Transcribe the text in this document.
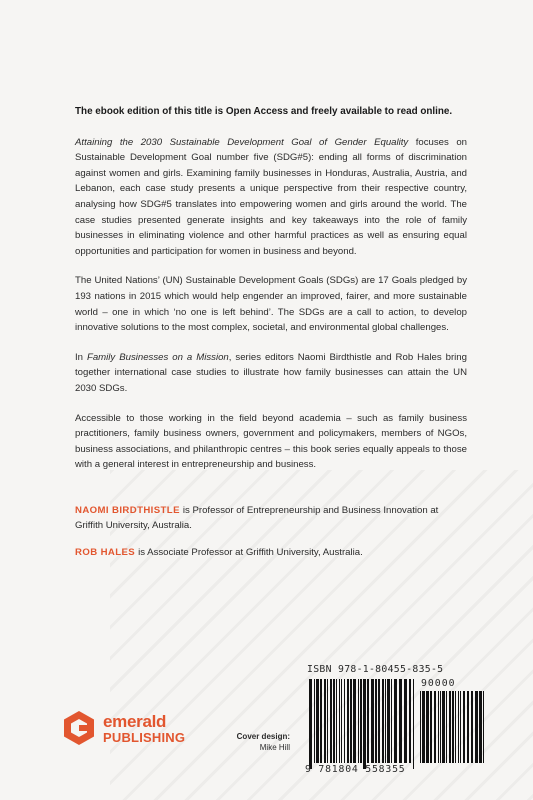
The ebook edition of this title is Open Access and freely available to read online.

Attaining the 2030 Sustainable Development Goal of Gender Equality focuses on Sustainable Development Goal number five (SDG#5): ending all forms of discrimination against women and girls. Examining family businesses in Honduras, Australia, Austria, and Lebanon, each case study presents a unique perspective from their respective country, analysing how SDG#5 translates into empowering women and girls around the world. The case studies presented generate insights and key takeaways into the role of family businesses in eliminating violence and other harmful practices as well as ensuring equal opportunities and participation for women in business and beyond.

The United Nations’ (UN) Sustainable Development Goals (SDGs) are 17 Goals pledged by 193 nations in 2015 which would help engender an improved, fairer, and more sustainable world – one in which ‘no one is left behind’. The SDGs are a call to action, to develop innovative solutions to the most complex, societal, and environmental global challenges.

In Family Businesses on a Mission, series editors Naomi Birdthistle and Rob Hales bring together international case studies to illustrate how family businesses can attain the UN 2030 SDGs.

Accessible to those working in the field beyond academia – such as family business practitioners, family business owners, government and policymakers, members of NGOs, business associations, and philanthropic centres – this book series equally appeals to those with a general interest in entrepreneurship and business.

NAOMI BIRDTHISTLE is Professor of Entrepreneurship and Business Innovation at Griffith University, Australia.

ROB HALES is Associate Professor at Griffith University, Australia.

emerald
PUBLISHING	Cover design:
Mike Hill
ISBN 978-1-80455-835-5
90000
9 781804 558355
